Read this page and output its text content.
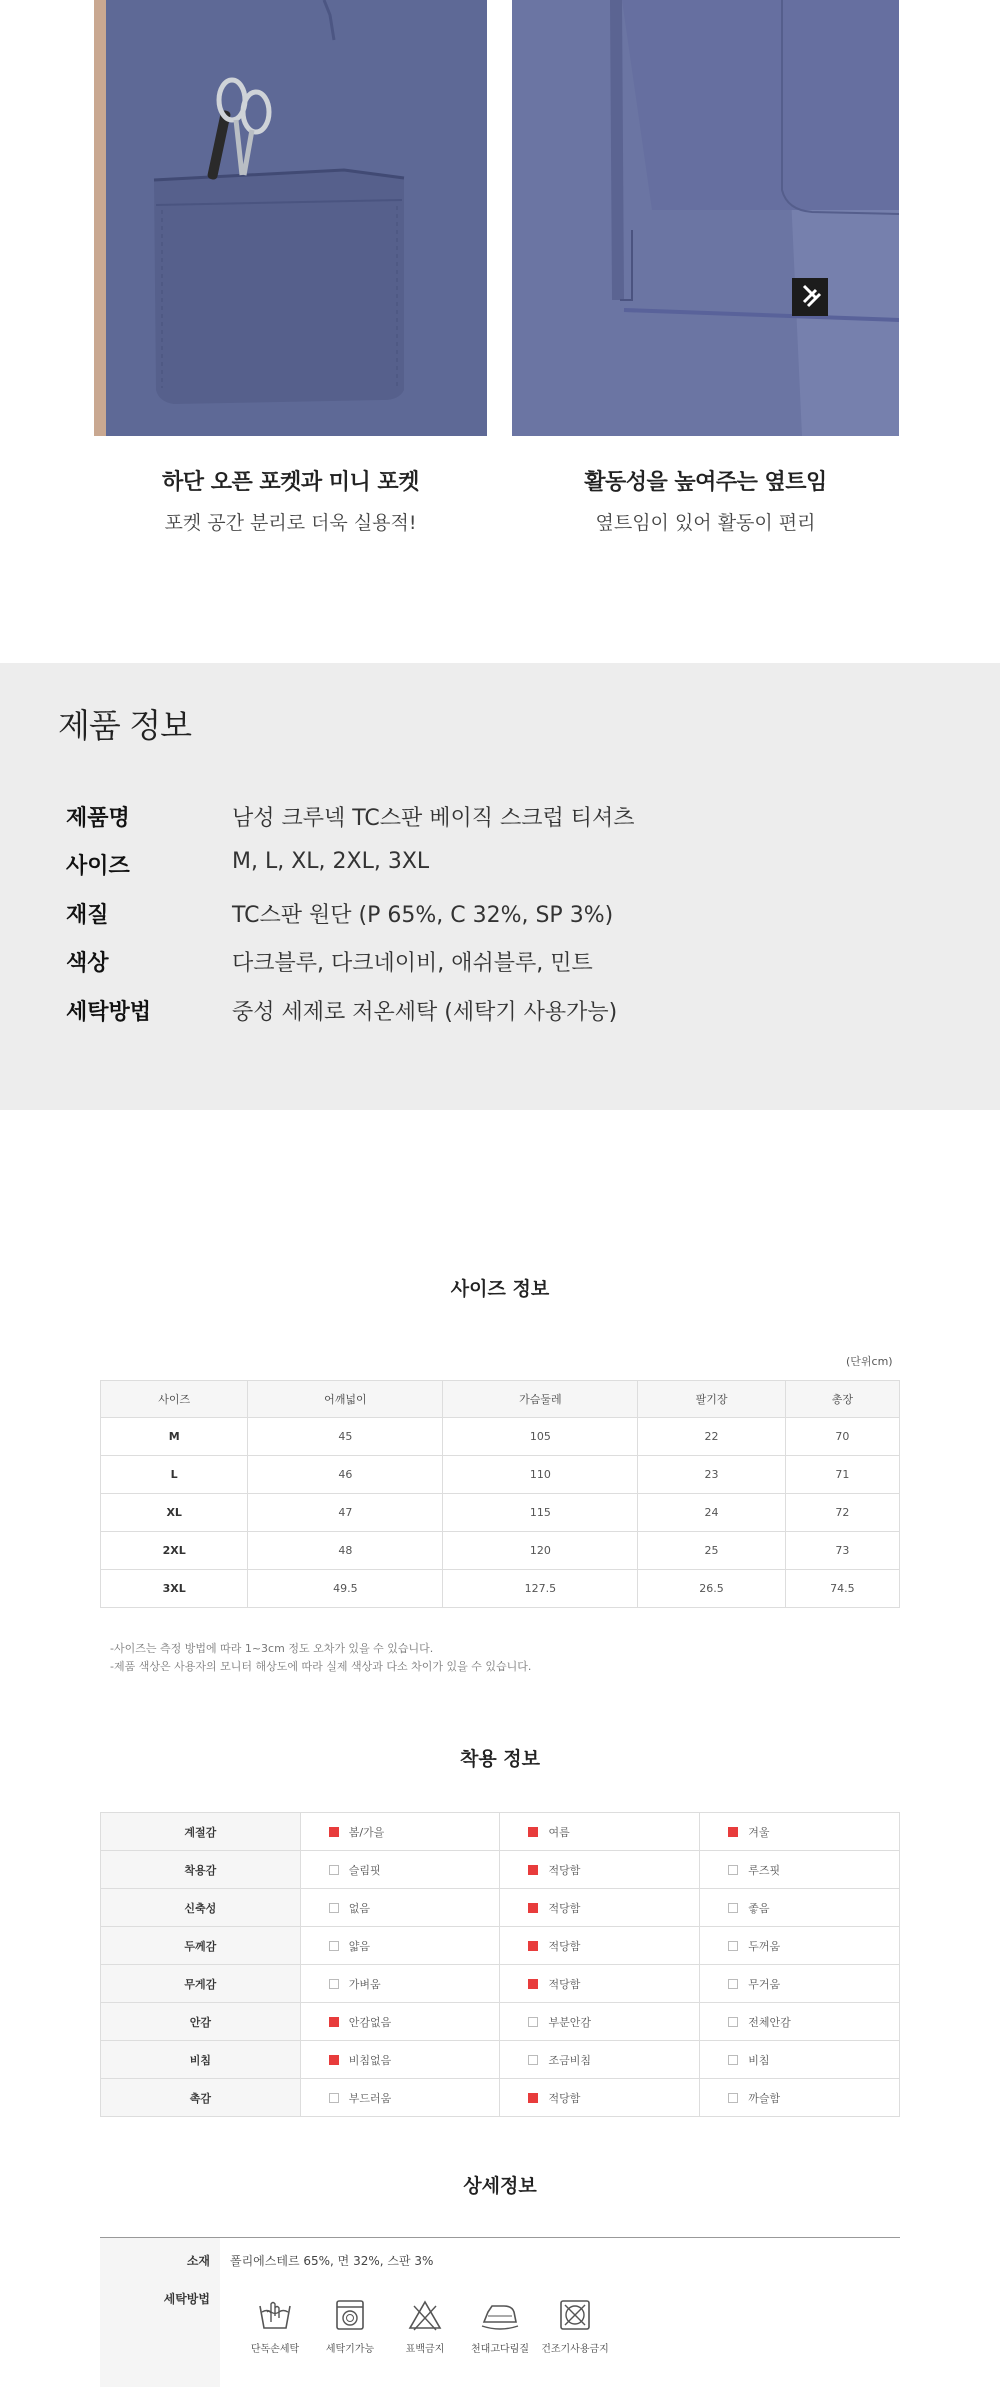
하단 오픈 포켓과 미니 포켓
포켓 공간 분리로 더욱 실용적!
활동성을 높여주는 옆트임
옆트임이 있어 활동이 편리
제품 정보
제품명	남성 크루넥 TC스판 베이직 스크럽 티셔츠
사이즈	M, L, XL, 2XL, 3XL
재질	TC스판 원단 (P 65%, C 32%, SP 3%)
색상	다크블루, 다크네이비, 애쉬블루, 민트
세탁방법	중성 세제로 저온세탁 (세탁기 사용가능)
사이즈 정보
(단위cm)
사이즈	어깨넓이	가슴둘레	팔기장	총장
M	45	105	22	70
L	46	110	23	71
XL	47	115	24	72
2XL	48	120	25	73
3XL	49.5	127.5	26.5	74.5
-사이즈는 측정 방법에 따라 1~3cm 정도 오차가 있을 수 있습니다.
-제품 색상은 사용자의 모니터 해상도에 따라 실제 색상과 다소 차이가 있을 수 있습니다.
착용 정보
계절감	봄/가을	여름	겨울
착용감	슬림핏	적당함	루즈핏
신축성	없음	적당함	좋음
두께감	얇음	적당함	두꺼움
무게감	가벼움	적당함	무거움
안감	안감없음	부분안감	전체안감
비침	비침없음	조금비침	비침
촉감	부드러움	적당함	까슬함
상세정보
소재 폴리에스테르 65%, 면 32%, 스판 3%
세탁방법
단독손세탁	세탁기가능	표백금지	천대고다림질	건조기사용금지
